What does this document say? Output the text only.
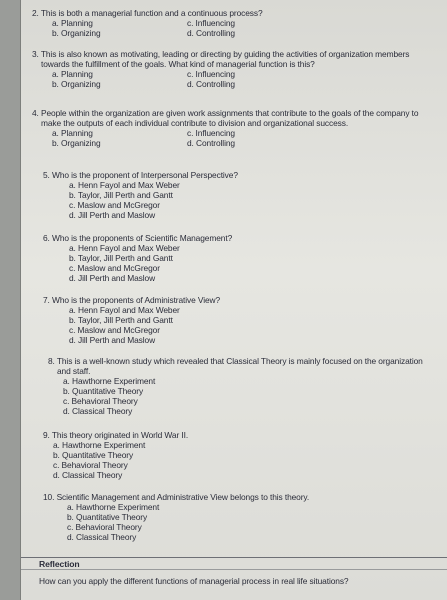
2. This is both a managerial function and a continuous process?
a. Planning	c. Influencing
b. Organizing	d. Controlling
3. This is also known as motivating, leading or directing by guiding the activities of organization members towards the fulfillment of the goals. What kind of managerial function is this?
a. Planning	c. Influencing
b. Organizing	d. Controlling
4. People within the organization are given work assignments that contribute to the goals of the company to make the outputs of each individual contribute to division and organizational success.
a. Planning	c. Influencing
b. Organizing	d. Controlling
5. Who is the proponent of Interpersonal Perspective?
a. Henn Fayol and Max Weber
b. Taylor, Jill Perth and Gantt
c. Maslow and McGregor
d. Jill Perth and Maslow
6. Who is the proponents of Scientific Management?
a. Henn Fayol and Max Weber
b. Taylor, Jill Perth and Gantt
c. Maslow and McGregor
d. Jill Perth and Maslow
7. Who is the proponents of Administrative View?
a. Henn Fayol and Max Weber
b. Taylor, Jill Perth and Gantt
c. Maslow and McGregor
d. Jill Perth and Maslow
8. This is a well-known study which revealed that Classical Theory is mainly focused on the organization and staff.
a. Hawthorne Experiment
b. Quantitative Theory
c. Behavioral Theory
d. Classical Theory
9. This theory originated in World War II.
a. Hawthorne Experiment
b. Quantitative Theory
c. Behavioral Theory
d. Classical Theory
10. Scientific Management and Administrative View belongs to this theory.
a. Hawthorne Experiment
b. Quantitative Theory
c. Behavioral Theory
d. Classical Theory
Reflection
How can you apply the different functions of managerial process in real life situations?
